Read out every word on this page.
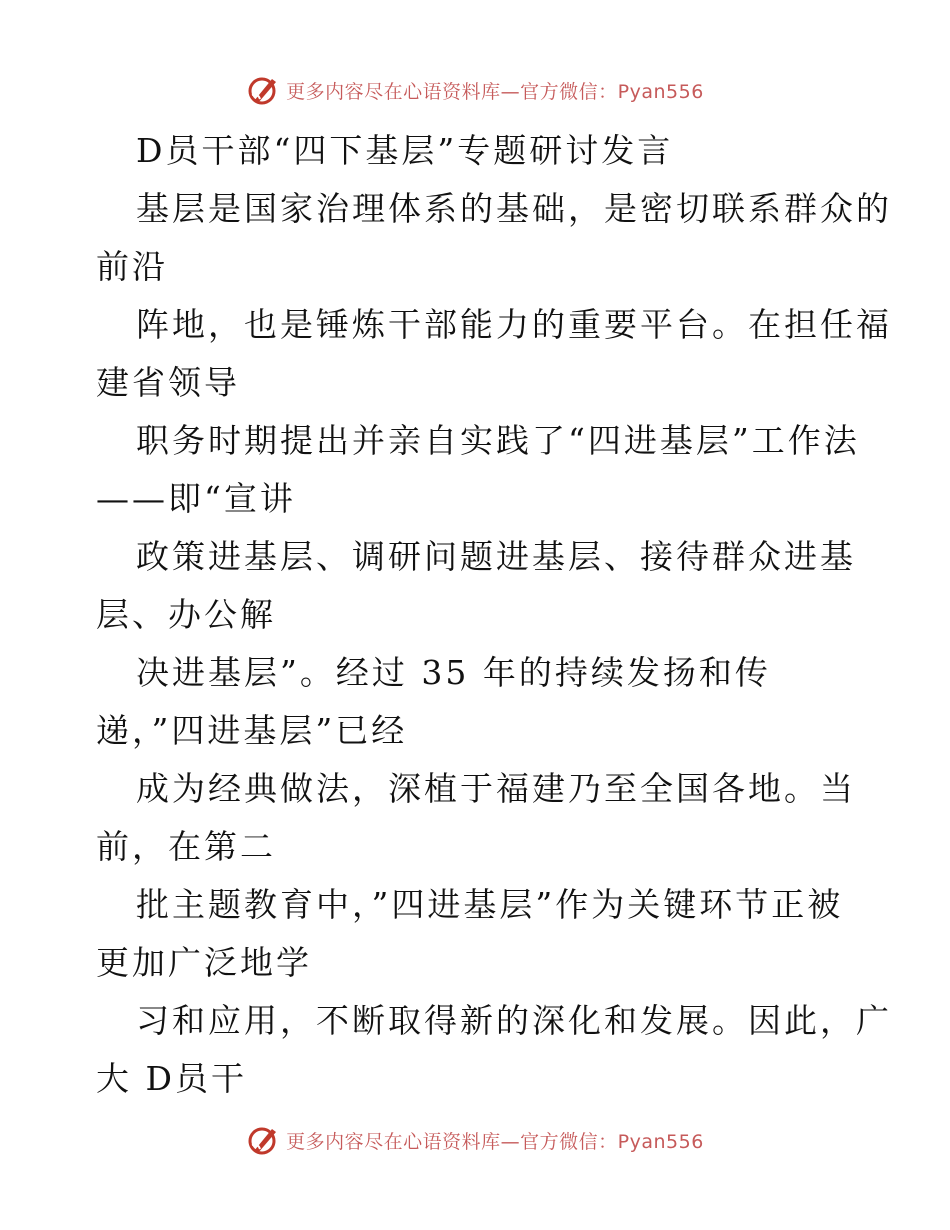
更多内容尽在心语资料库—官方微信：Pyan556
D员干部“四下基层”专题研讨发言
基层是国家治理体系的基础，是密切联系群众的
前沿
阵地，也是锤炼干部能力的重要平台。在担任福
建省领导
职务时期提出并亲自实践了“四进基层”工作法
——即“宣讲
政策进基层、调研问题进基层、接待群众进基
层、办公解
决进基层”。经过 35 年的持续发扬和传
递，”四进基层”已经
成为经典做法，深植于福建乃至全国各地。当
前，在第二
批主题教育中，”四进基层”作为关键环节正被
更加广泛地学
习和应用，不断取得新的深化和发展。因此，广
大 D员干
更多内容尽在心语资料库—官方微信：Pyan556
